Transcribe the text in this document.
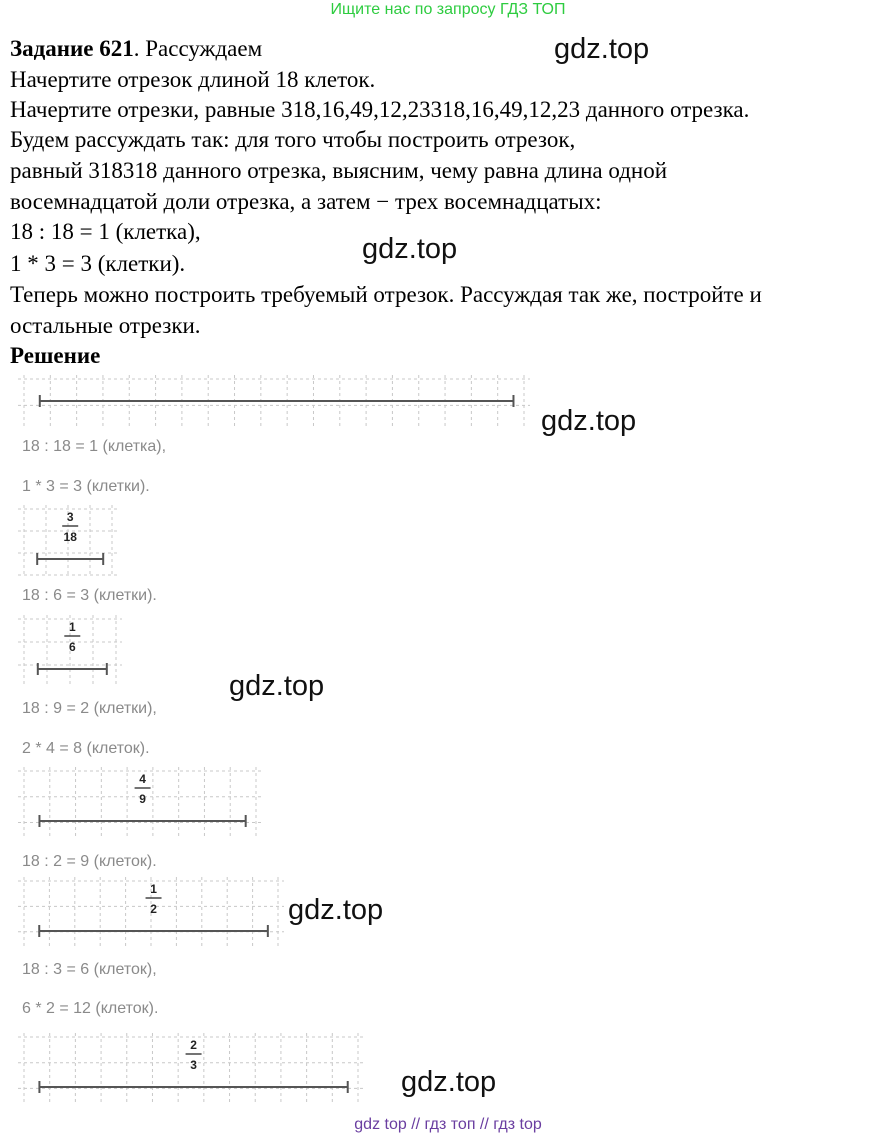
Ищите нас по запросу ГДЗ ТОП
Задание 621. Рассуждаем
Начертите отрезок длиной 18 клеток.
Начертите отрезки, равные 318,16,49,12,23318,16,49,12,23 данного отрезка.
Будем рассуждать так: для того чтобы построить отрезок,
равный 318318 данного отрезка, выясним, чему равна длина одной
восемнадцатой доли отрезка, а затем − трех восемнадцатых:
18 : 18 = 1 (клетка),
1 * 3 = 3 (клетки).
Теперь можно построить требуемый отрезок. Рассуждая так же, постройте и
остальные отрезки.
Решение
gdz.top
gdz.top
gdz.top
gdz.top
gdz.top
gdz.top
18 : 18 = 1 (клетка),
1 * 3 = 3 (клетки).
18 : 6 = 3 (клетки).
18 : 9 = 2 (клетки),
2 * 4 = 8 (клеток).
18 : 2 = 9 (клеток).
18 : 3 = 6 (клеток),
6 * 2 = 12 (клеток).
3
18
1
6
4
9
1
2
2
3
gdz top // гдз топ // гдз top
